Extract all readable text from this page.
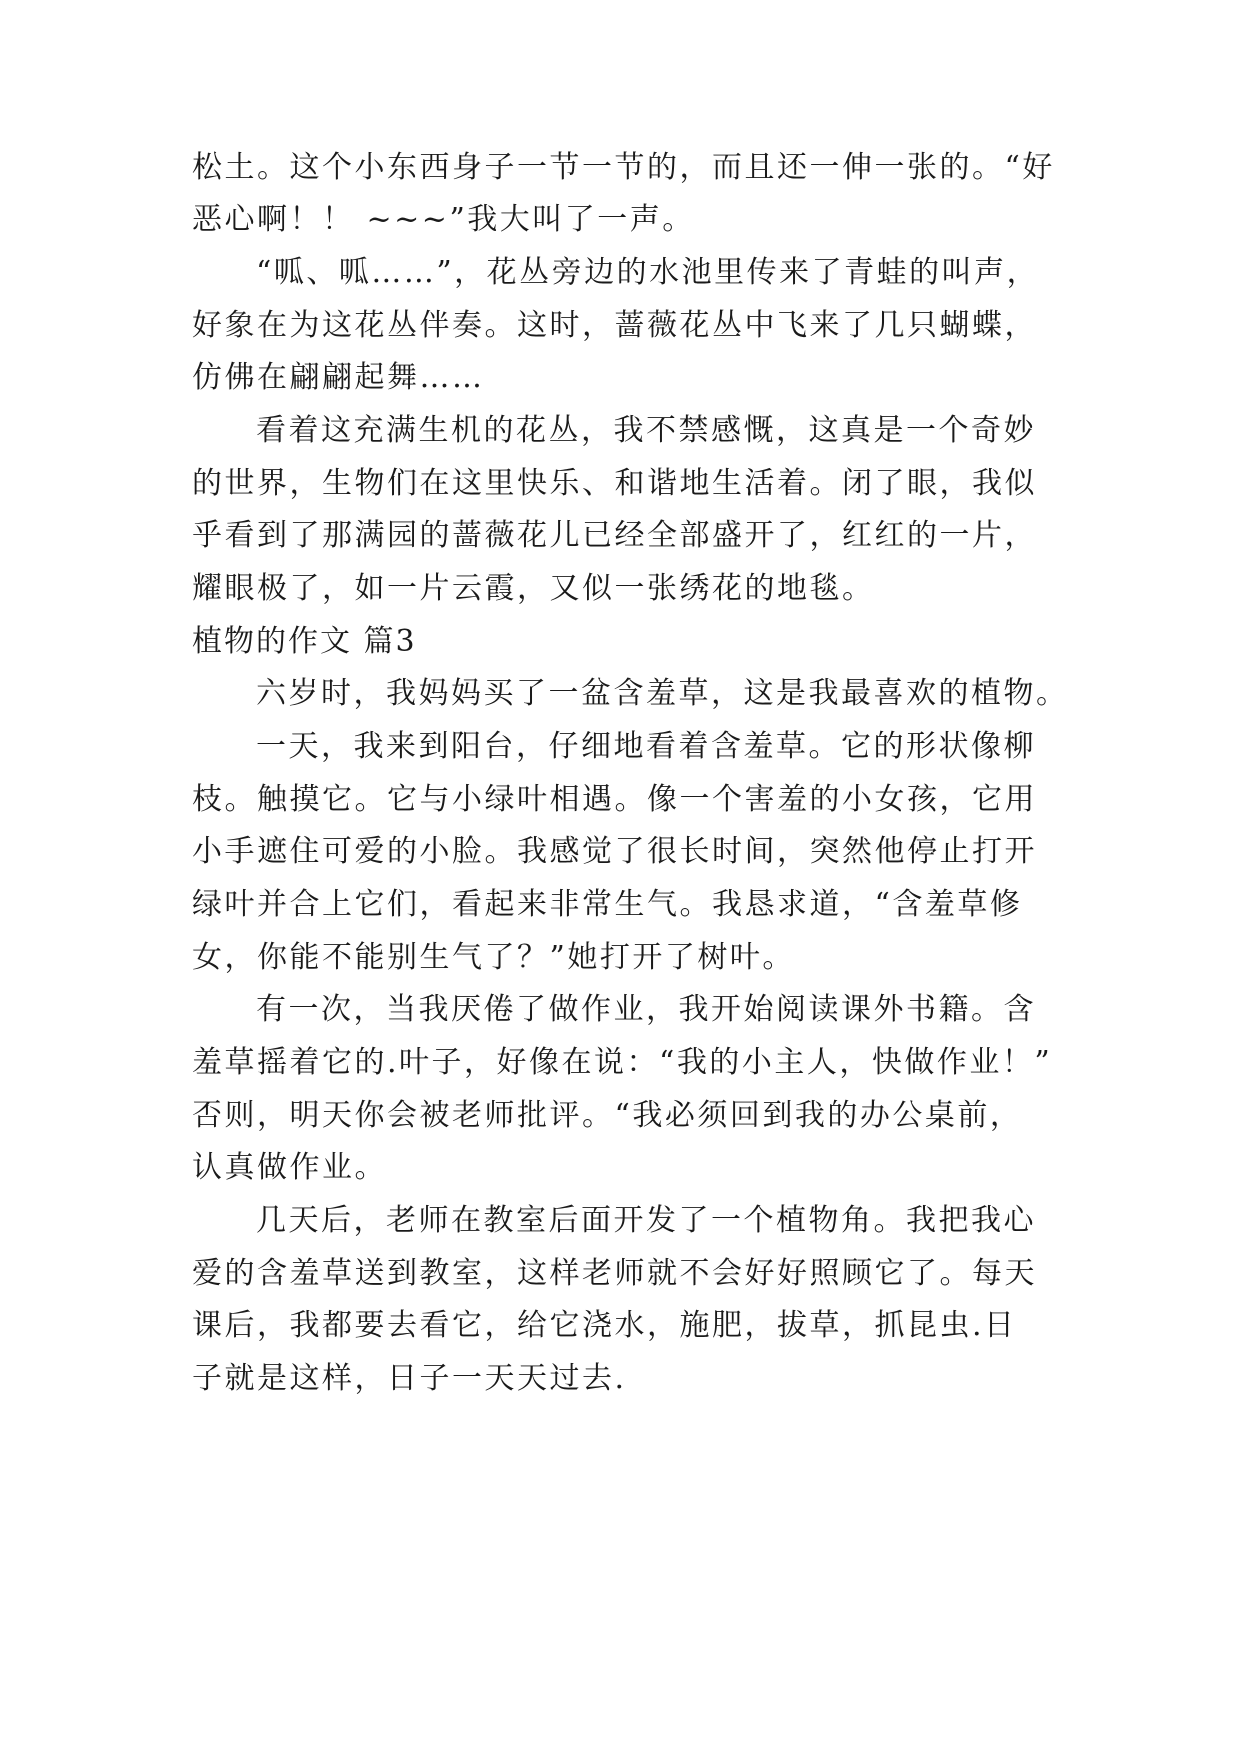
松土。这个小东西身子一节一节的，而且还一伸一张的。“好
恶心啊！！ ~~~”我大叫了一声。
“呱、呱……”，花丛旁边的水池里传来了青蛙的叫声，
好象在为这花丛伴奏。这时，蔷薇花丛中飞来了几只蝴蝶，
仿佛在翩翩起舞……
看着这充满生机的花丛，我不禁感慨，这真是一个奇妙
的世界，生物们在这里快乐、和谐地生活着。闭了眼，我似
乎看到了那满园的蔷薇花儿已经全部盛开了，红红的一片，
耀眼极了，如一片云霞，又似一张绣花的地毯。
植物的作文 篇3
六岁时，我妈妈买了一盆含羞草，这是我最喜欢的植物。
一天，我来到阳台，仔细地看着含羞草。它的形状像柳
枝。触摸它。它与小绿叶相遇。像一个害羞的小女孩，它用
小手遮住可爱的小脸。我感觉了很长时间，突然他停止打开
绿叶并合上它们，看起来非常生气。我恳求道，“含羞草修
女，你能不能别生气了？”她打开了树叶。
有一次，当我厌倦了做作业，我开始阅读课外书籍。含
羞草摇着它的.叶子，好像在说：“我的小主人，快做作业！”
否则，明天你会被老师批评。“我必须回到我的办公桌前，
认真做作业。
几天后，老师在教室后面开发了一个植物角。我把我心
爱的含羞草送到教室，这样老师就不会好好照顾它了。每天
课后，我都要去看它，给它浇水，施肥，拔草，抓昆虫.日
子就是这样，日子一天天过去.
